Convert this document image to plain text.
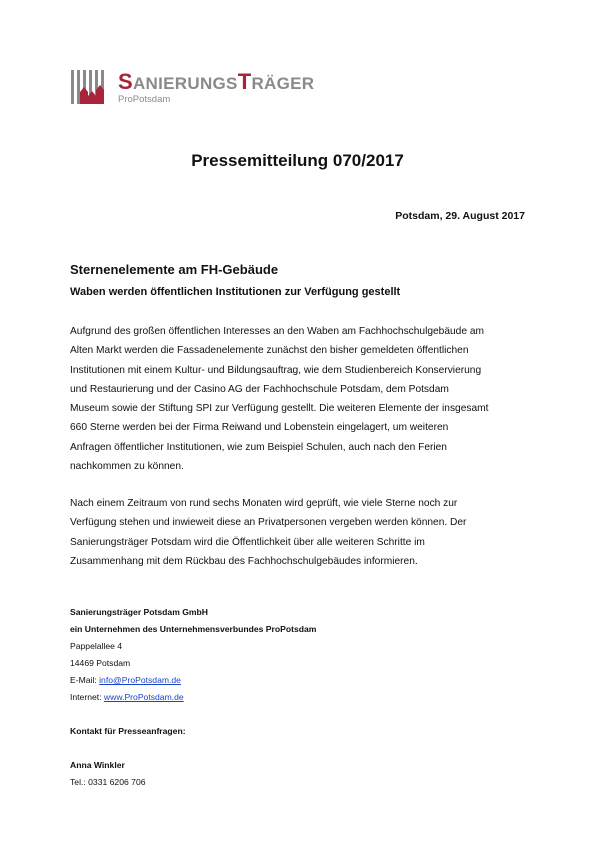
SANIERUNGSTRÄGER
ProPotsdam
Pressemitteilung 070/2017
Potsdam, 29. August 2017
Sternenelemente am FH-Gebäude
Waben werden öffentlichen Institutionen zur Verfügung gestellt
Aufgrund des großen öffentlichen Interesses an den Waben am Fachhochschulgebäude am
Alten Markt werden die Fassadenelemente zunächst den bisher gemeldeten öffentlichen
Institutionen mit einem Kultur- und Bildungsauftrag, wie dem Studienbereich Konservierung
und Restaurierung und der Casino AG der Fachhochschule Potsdam, dem Potsdam
Museum sowie der Stiftung SPI zur Verfügung gestellt. Die weiteren Elemente der insgesamt
660 Sterne werden bei der Firma Reiwand und Lobenstein eingelagert, um weiteren
Anfragen öffentlicher Institutionen, wie zum Beispiel Schulen, auch nach den Ferien
nachkommen zu können.
Nach einem Zeitraum von rund sechs Monaten wird geprüft, wie viele Sterne noch zur
Verfügung stehen und inwieweit diese an Privatpersonen vergeben werden können. Der
Sanierungsträger Potsdam wird die Öffentlichkeit über alle weiteren Schritte im
Zusammenhang mit dem Rückbau des Fachhochschulgebäudes informieren.
Sanierungsträger Potsdam GmbH
ein Unternehmen des Unternehmensverbundes ProPotsdam
Pappelallee 4
14469 Potsdam
E-Mail: info@ProPotsdam.de
Internet: www.ProPotsdam.de
Kontakt für Presseanfragen:
Anna Winkler
Tel.: 0331 6206 706
